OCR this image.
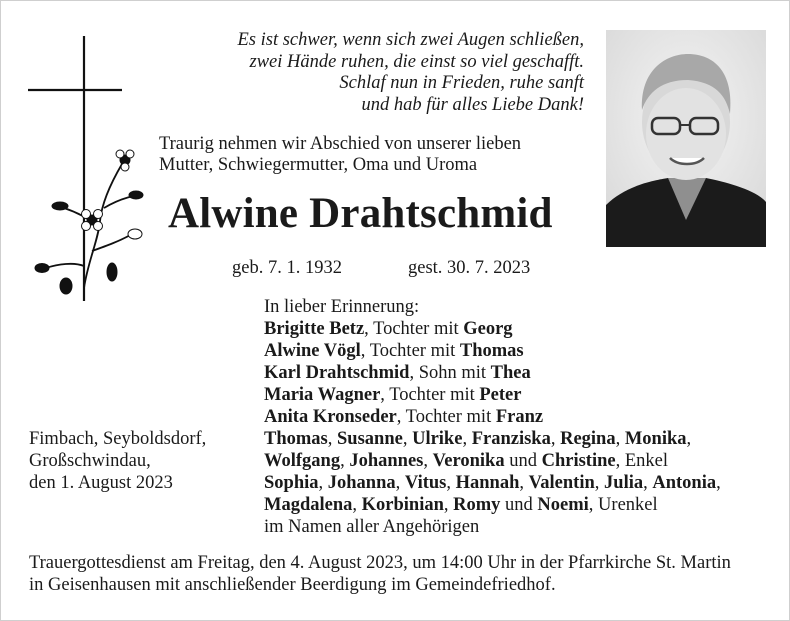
Es ist schwer, wenn sich zwei Augen schließen,
zwei Hände ruhen, die einst so viel geschafft.
Schlaf nun in Frieden, ruhe sanft
und hab für alles Liebe Dank!
Traurig nehmen wir Abschied von unserer lieben
Mutter, Schwiegermutter, Oma und Uroma
Alwine Drahtschmid
geb. 7. 1. 1932	gest. 30. 7. 2023
In lieber Erinnerung:
Brigitte Betz, Tochter mit Georg
Alwine Vögl, Tochter mit Thomas
Karl Drahtschmid, Sohn mit Thea
Maria Wagner, Tochter mit Peter
Anita Kronseder, Tochter mit Franz
Thomas, Susanne, Ulrike, Franziska, Regina, Monika,
Wolfgang, Johannes, Veronika und Christine, Enkel
Sophia, Johanna, Vitus, Hannah, Valentin, Julia, Antonia,
Magdalena, Korbinian, Romy und Noemi, Urenkel
im Namen aller Angehörigen
Fimbach, Seyboldsdorf,
Großschwindau,
den 1. August 2023
Trauergottesdienst am Freitag, den 4. August 2023, um 14:00 Uhr in der Pfarrkirche St. Martin
in Geisenhausen mit anschließender Beerdigung im Gemeindefriedhof.
